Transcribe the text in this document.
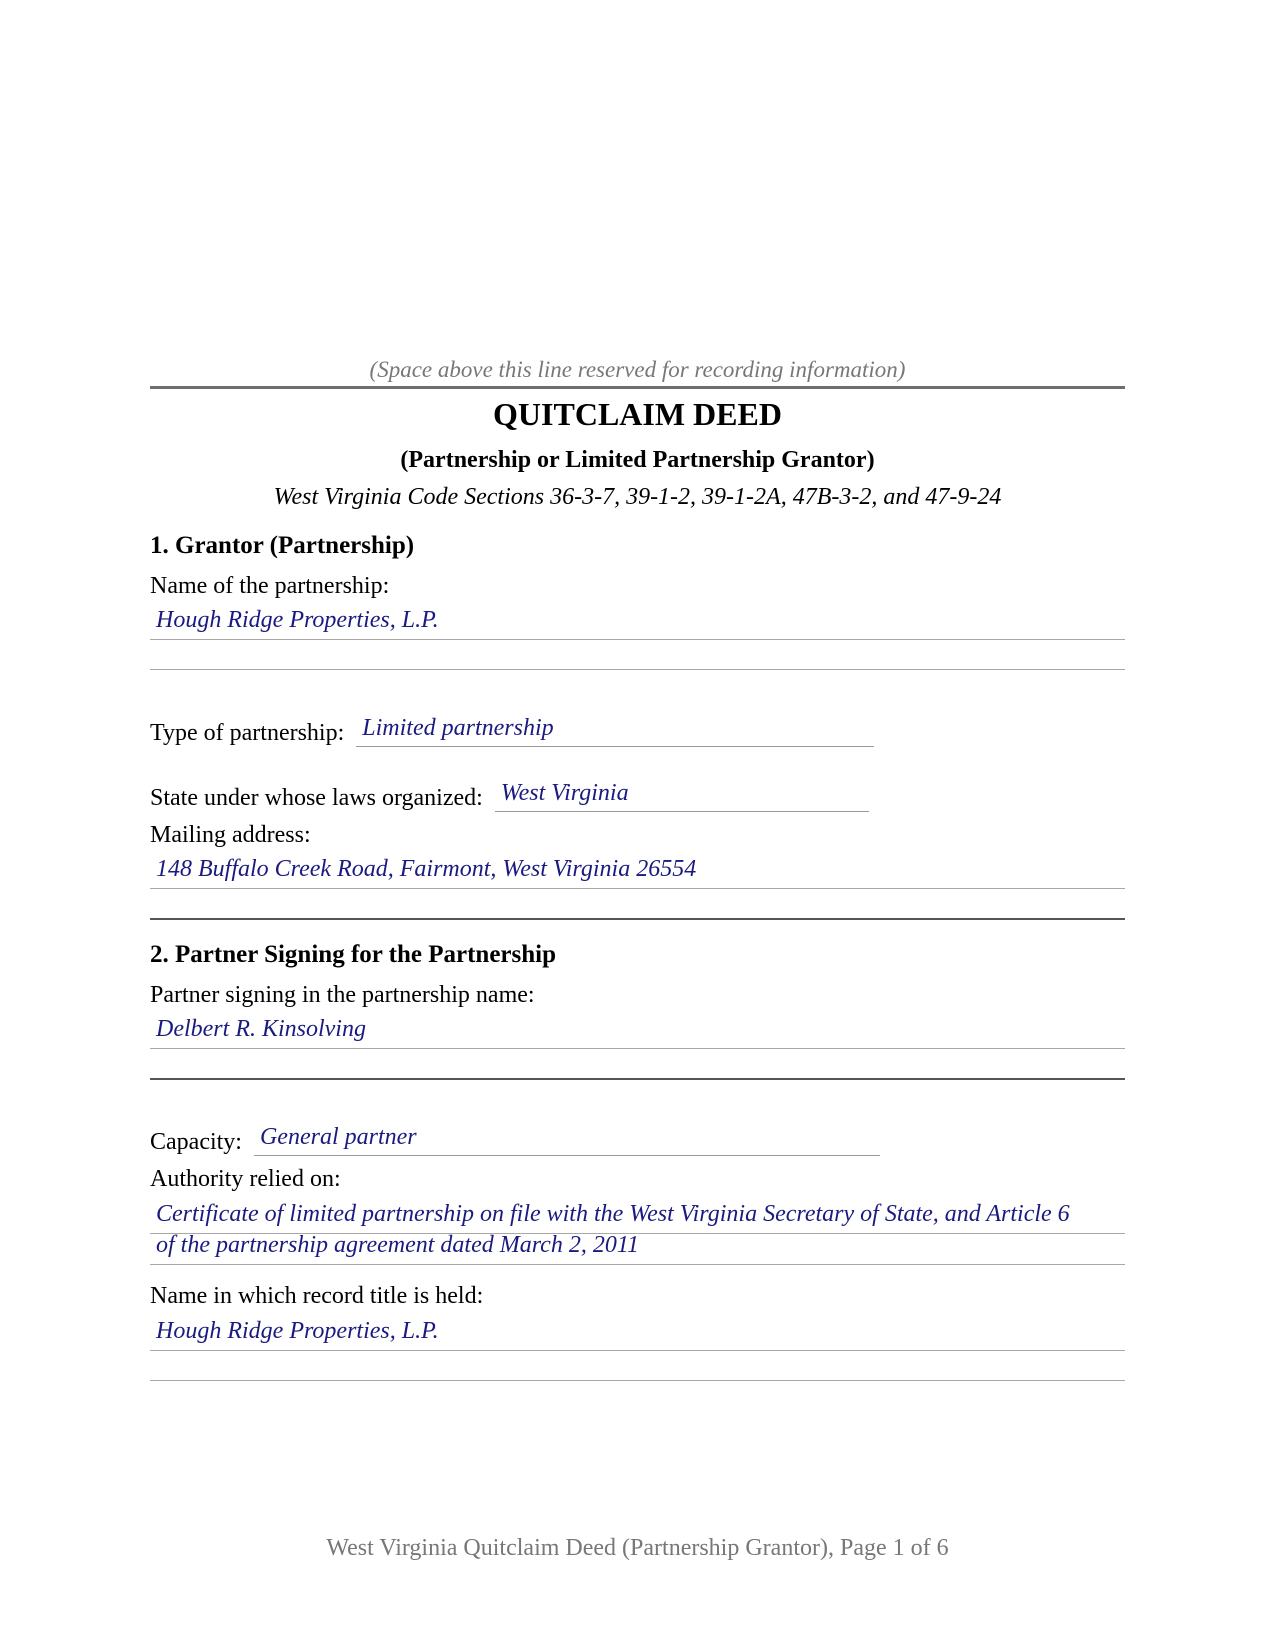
(Space above this line reserved for recording information)
QUITCLAIM DEED
(Partnership or Limited Partnership Grantor)
West Virginia Code Sections 36-3-7, 39-1-2, 39-1-2A, 47B-3-2, and 47-9-24
1. Grantor (Partnership)
Name of the partnership:
Hough Ridge Properties, L.P.
Type of partnership: Limited partnership
State under whose laws organized: West Virginia
Mailing address:
148 Buffalo Creek Road, Fairmont, West Virginia 26554
2. Partner Signing for the Partnership
Partner signing in the partnership name:
Delbert R. Kinsolving
Capacity: General partner
Authority relied on:
Certificate of limited partnership on file with the West Virginia Secretary of State, and Article 6
of the partnership agreement dated March 2, 2011
Name in which record title is held:
Hough Ridge Properties, L.P.
West Virginia Quitclaim Deed (Partnership Grantor), Page 1 of 6
